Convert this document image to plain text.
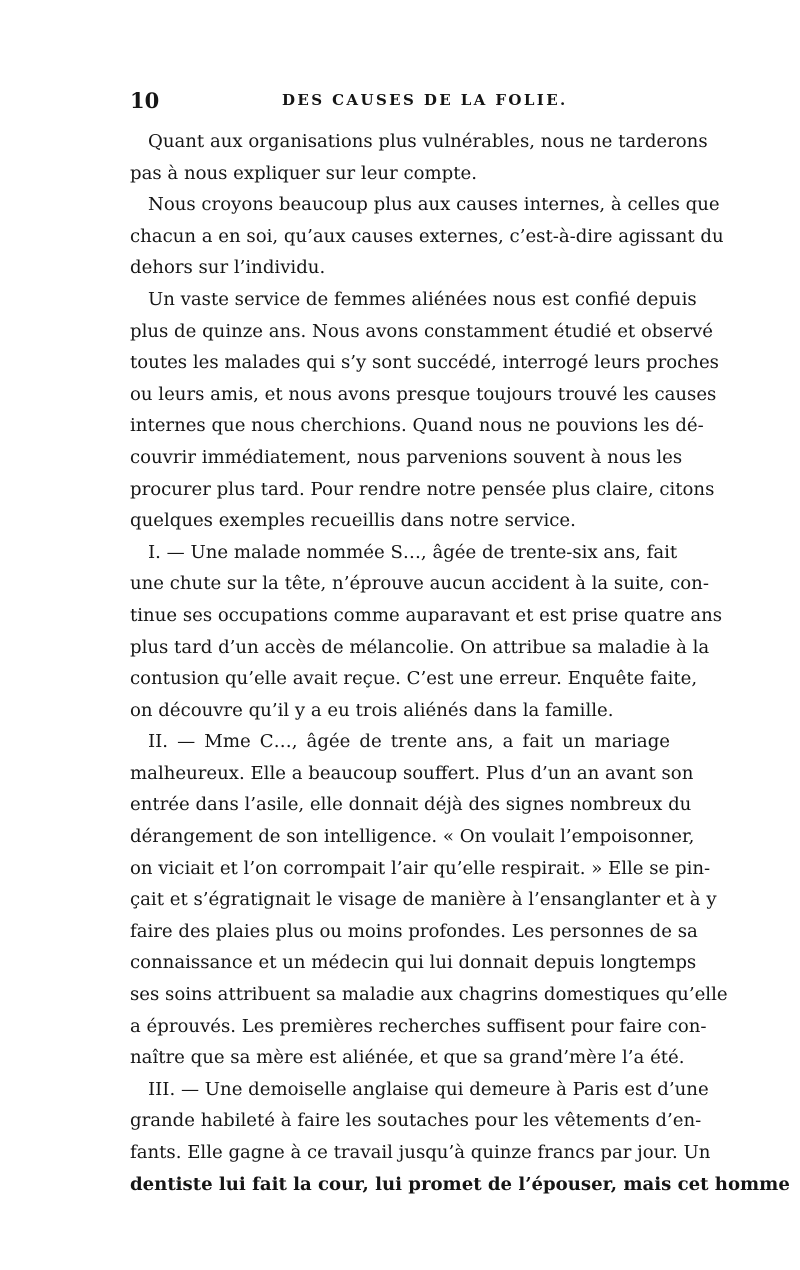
10	DES CAUSES DE LA FOLIE.
Quant aux organisations plus vulnérables, nous ne tarderons
pas à nous expliquer sur leur compte.
Nous croyons beaucoup plus aux causes internes, à celles que
chacun a en soi, qu’aux causes externes, c’est-à-dire agissant du
dehors sur l’individu.
Un vaste service de femmes aliénées nous est confié depuis
plus de quinze ans. Nous avons constamment étudié et observé
toutes les malades qui s’y sont succédé, interrogé leurs proches
ou leurs amis, et nous avons presque toujours trouvé les causes
internes que nous cherchions. Quand nous ne pouvions les dé-
couvrir immédiatement, nous parvenions souvent à nous les
procurer plus tard. Pour rendre notre pensée plus claire, citons
quelques exemples recueillis dans notre service.
I. — Une malade nommée S…, âgée de trente-six ans, fait
une chute sur la tête, n’éprouve aucun accident à la suite, con-
tinue ses occupations comme auparavant et est prise quatre ans
plus tard d’un accès de mélancolie. On attribue sa maladie à la
contusion qu’elle avait reçue. C’est une erreur. Enquête faite,
on découvre qu’il y a eu trois aliénés dans la famille.
II. — Mme C…, âgée de trente ans, a fait un mariage
malheureux. Elle a beaucoup souffert. Plus d’un an avant son
entrée dans l’asile, elle donnait déjà des signes nombreux du
dérangement de son intelligence. « On voulait l’empoisonner,
on viciait et l’on corrompait l’air qu’elle respirait. » Elle se pin-
çait et s’égratignait le visage de manière à l’ensanglanter et à y
faire des plaies plus ou moins profondes. Les personnes de sa
connaissance et un médecin qui lui donnait depuis longtemps
ses soins attribuent sa maladie aux chagrins domestiques qu’elle
a éprouvés. Les premières recherches suffisent pour faire con-
naître que sa mère est aliénée, et que sa grand’mère l’a été.
III. — Une demoiselle anglaise qui demeure à Paris est d’une
grande habileté à faire les soutaches pour les vêtements d’en-
fants. Elle gagne à ce travail jusqu’à quinze francs par jour. Un
dentiste lui fait la cour, lui promet de l’épouser, mais cet homme
